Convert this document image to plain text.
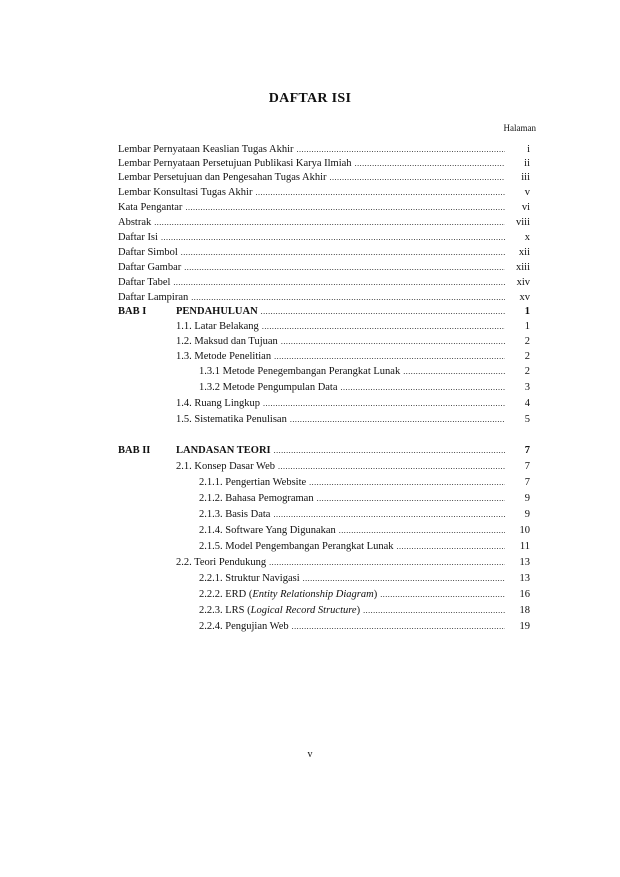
DAFTAR ISI
Halaman
Lembar Pernyataan Keaslian Tugas Akhir .....	i
Lembar Pernyataan Persetujuan Publikasi Karya Ilmiah .....	ii
Lembar Persetujuan dan Pengesahan Tugas Akhir .....	iii
Lembar Konsultasi Tugas Akhir .....	v
Kata Pengantar .....	vi
Abstrak .....	viii
Daftar Isi .....	x
Daftar Simbol .....	xii
Daftar Gambar .....	xiii
Daftar Tabel .....	xiv
Daftar Lampiran .....	xv
BAB I	PENDAHULUAN .....	1
1.1. Latar Belakang .....	1
1.2. Maksud dan Tujuan .....	2
1.3. Metode Penelitian .....	2
1.3.1 Metode Penegembangan Perangkat Lunak .....	2
1.3.2 Metode Pengumpulan Data .....	3
1.4. Ruang Lingkup .....	4
1.5. Sistematika Penulisan .....	5
BAB II LANDASAN TEORI .....	7
2.1. Konsep Dasar Web .....	7
2.1.1. Pengertian Website .....	7
2.1.2. Bahasa Pemograman .....	9
2.1.3. Basis Data .....	9
2.1.4. Software Yang Digunakan .....	10
2.1.5. Model Pengembangan Perangkat Lunak .....	11
2.2. Teori Pendukung .....	13
2.2.1. Struktur Navigasi .....	13
2.2.2. ERD (Entity Relationship Diagram) .....	16
2.2.3. LRS (Logical Record Structure) .....	18
2.2.4. Pengujian Web .....	19
v
